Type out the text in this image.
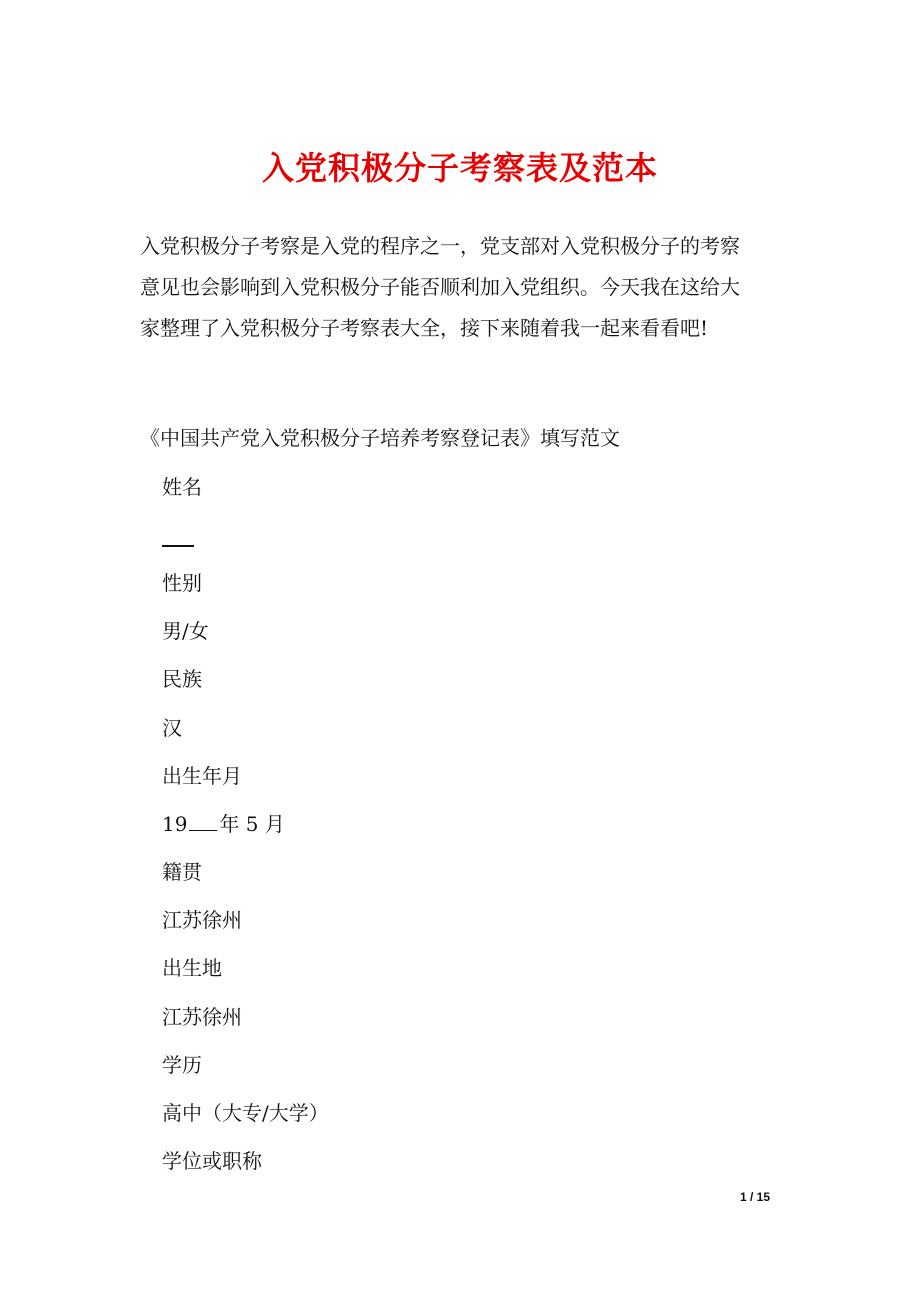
入党积极分子考察表及范本
入党积极分子考察是入党的程序之一，党支部对入党积极分子的考察
意见也会影响到入党积极分子能否顺利加入党组织。今天我在这给大
家整理了入党积极分子考察表大全，接下来随着我一起来看看吧!
《中国共产党入党积极分子培养考察登记表》填写范文
姓名
性别
男/女
民族
汉
出生年月
19 年 5 月
籍贯
江苏徐州
出生地
江苏徐州
学历
高中（大专/大学）
学位或职称
1 / 15
